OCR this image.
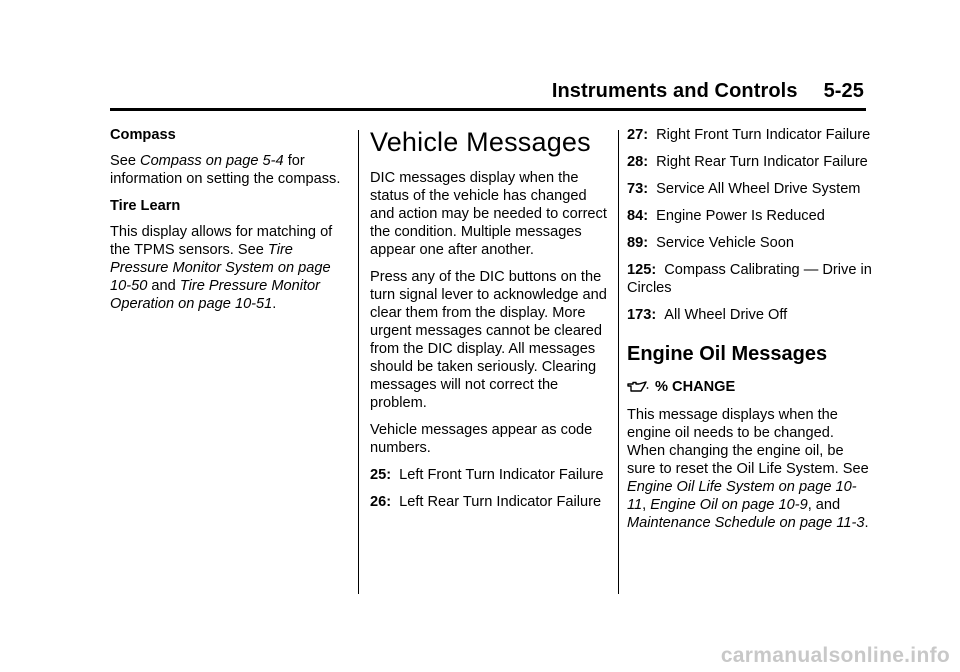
Instruments and Controls 5-25

Compass

See Compass on page 5-4 for information on setting the compass.

Tire Learn

This display allows for matching of the TPMS sensors. See Tire Pressure Monitor System on page 10-50 and Tire Pressure Monitor Operation on page 10-51.

Vehicle Messages

DIC messages display when the status of the vehicle has changed and action may be needed to correct the condition. Multiple messages appear one after another.

Press any of the DIC buttons on the turn signal lever to acknowledge and clear them from the display. More urgent messages cannot be cleared from the DIC display. All messages should be taken seriously. Clearing messages will not correct the problem.

Vehicle messages appear as code numbers.

25: Left Front Turn Indicator Failure

26: Left Rear Turn Indicator Failure

27: Right Front Turn Indicator Failure

28: Right Rear Turn Indicator Failure

73: Service All Wheel Drive System

84: Engine Power Is Reduced

89: Service Vehicle Soon

125: Compass Calibrating — Drive in Circles

173: All Wheel Drive Off

Engine Oil Messages
% CHANGE

This message displays when the engine oil needs to be changed. When changing the engine oil, be sure to reset the Oil Life System. See Engine Oil Life System on page 10-11, Engine Oil on page 10-9, and Maintenance Schedule on page 11-3.

carmanualsonline.info
